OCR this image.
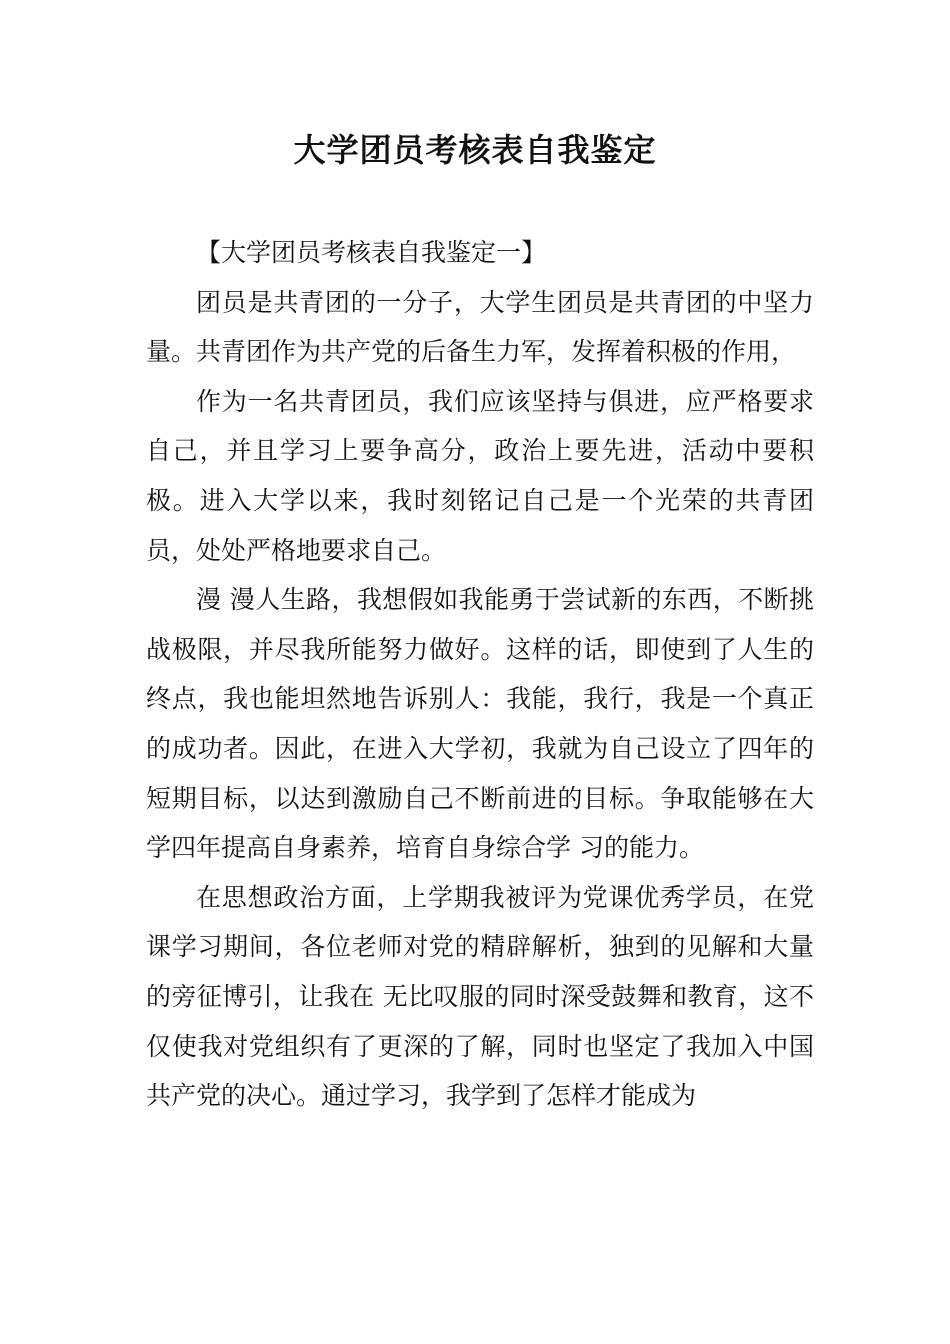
大学团员考核表自我鉴定

【大学团员考核表自我鉴定一】

团员是共青团的一分子，大学生团员是共青团的中坚力量。共青团作为共产党的后备生力军，发挥着积极的作用，

作为一名共青团员，我们应该坚持与俱进，应严格要求自己，并且学习上要争高分，政治上要先进，活动中要积极。进入大学以来，我时刻铭记自己是一个光荣的共青团员，处处严格地要求自己。

漫 漫人生路，我想假如我能勇于尝试新的东西，不断挑战极限，并尽我所能努力做好。这样的话，即使到了人生的终点，我也能坦然地告诉别人：我能，我行，我是一个真正的成功者。因此，在进入大学初，我就为自己设立了四年的短期目标，以达到激励自己不断前进的目标。争取能够在大学四年提高自身素养，培育自身综合学 习的能力。

在思想政治方面，上学期我被评为党课优秀学员，在党课学习期间，各位老师对党的精辟解析，独到的见解和大量的旁征博引，让我在 无比叹服的同时深受鼓舞和教育，这不仅使我对党组织有了更深的了解，同时也坚定了我加入中国共产党的决心。通过学习，我学到了怎样才能成为
